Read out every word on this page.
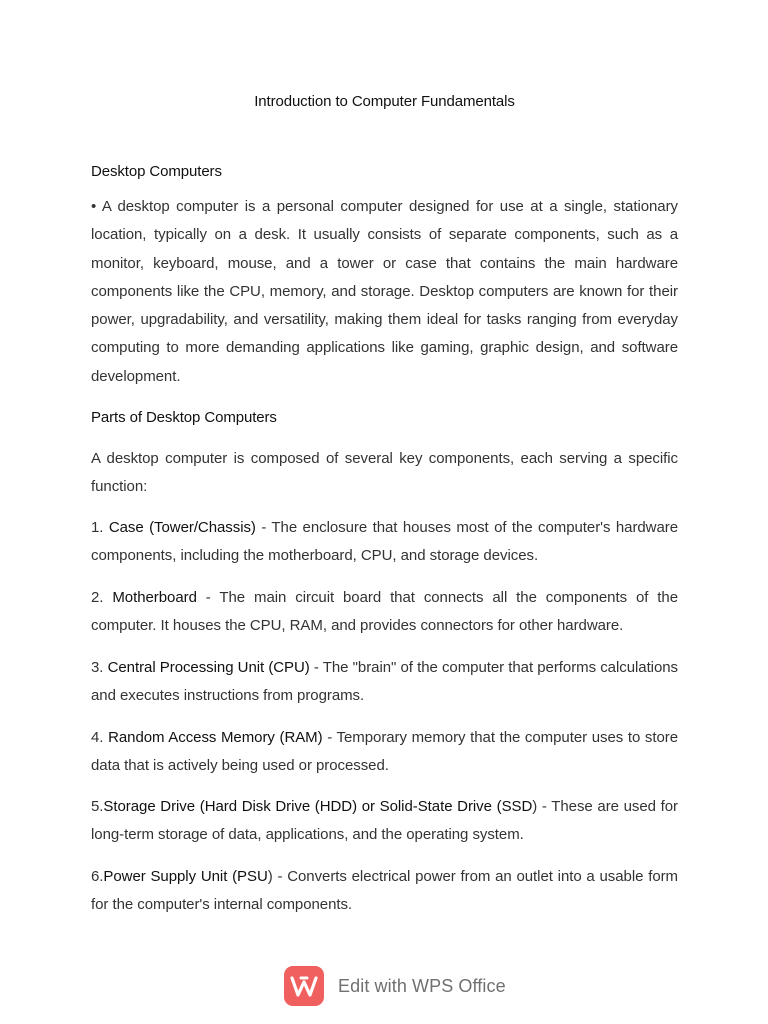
Introduction to Computer Fundamentals
Desktop Computers
• A desktop computer is a personal computer designed for use at a single, stationary location, typically on a desk. It usually consists of separate components, such as a monitor, keyboard, mouse, and a tower or case that contains the main hardware components like the CPU, memory, and storage. Desktop computers are known for their power, upgradability, and versatility, making them ideal for tasks ranging from everyday computing to more demanding applications like gaming, graphic design, and software development.
Parts of Desktop Computers
A desktop computer is composed of several key components, each serving a specific function:
1. Case (Tower/Chassis) - The enclosure that houses most of the computer's hardware components, including the motherboard, CPU, and storage devices.
2. Motherboard - The main circuit board that connects all the components of the computer. It houses the CPU, RAM, and provides connectors for other hardware.
3. Central Processing Unit (CPU) - The "brain" of the computer that performs calculations and executes instructions from programs.
4. Random Access Memory (RAM) - Temporary memory that the computer uses to store data that is actively being used or processed.
5.Storage Drive (Hard Disk Drive (HDD) or Solid-State Drive (SSD) - These are used for long-term storage of data, applications, and the operating system.
6.Power Supply Unit (PSU) - Converts electrical power from an outlet into a usable form for the computer's internal components.
Edit with WPS Office
